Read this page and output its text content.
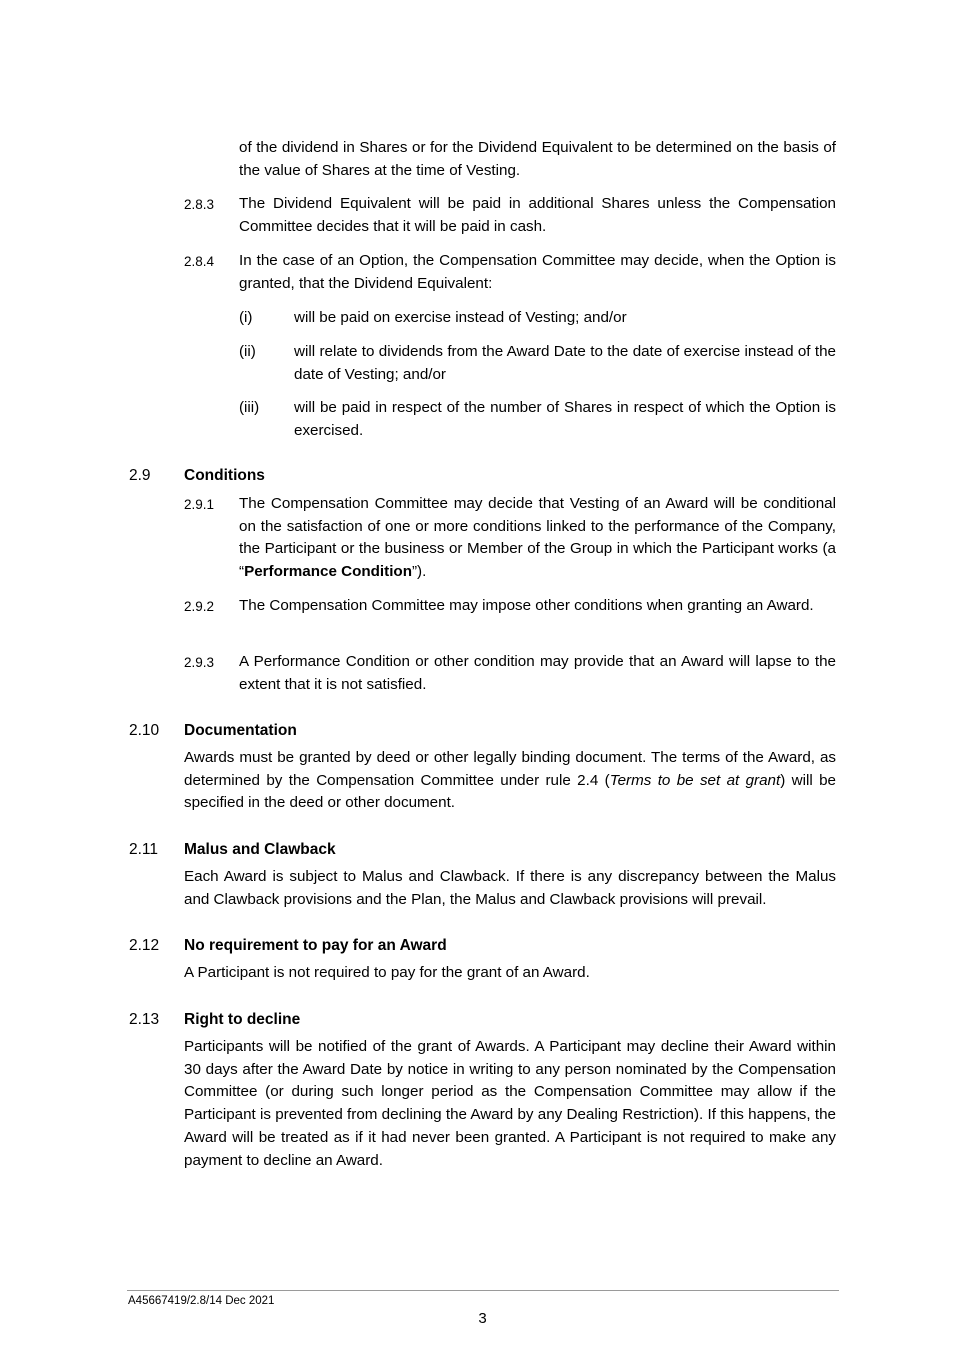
of the dividend in Shares or for the Dividend Equivalent to be determined on the basis of the value of Shares at the time of Vesting.

2.8.3 The Dividend Equivalent will be paid in additional Shares unless the Compensation Committee decides that it will be paid in cash.

2.8.4 In the case of an Option, the Compensation Committee may decide, when the Option is granted, that the Dividend Equivalent:

(i)	will be paid on exercise instead of Vesting; and/or

(ii)	will relate to dividends from the Award Date to the date of exercise instead of the date of Vesting; and/or

(iii) will be paid in respect of the number of Shares in respect of which the Option is exercised.

2.9 Conditions
2.9.1 The Compensation Committee may decide that Vesting of an Award will be conditional on the satisfaction of one or more conditions linked to the performance of the Company, the Participant or the business or Member of the Group in which the Participant works (a “Performance Condition”).

2.9.2 The Compensation Committee may impose other conditions when granting an Award.

2.9.3 A Performance Condition or other condition may provide that an Award will lapse to the extent that it is not satisfied.

2.10 Documentation

Awards must be granted by deed or other legally binding document. The terms of the Award, as determined by the Compensation Committee under rule 2.4 (Terms to be set at grant) will be specified in the deed or other document.

2.11 Malus and Clawback

Each Award is subject to Malus and Clawback. If there is any discrepancy between the Malus and Clawback provisions and the Plan, the Malus and Clawback provisions will prevail.

2.12 No requirement to pay for an Award

A Participant is not required to pay for the grant of an Award.

2.13 Right to decline

Participants will be notified of the grant of Awards. A Participant may decline their Award within 30 days after the Award Date by notice in writing to any person nominated by the Compensation Committee (or during such longer period as the Compensation Committee may allow if the Participant is prevented from declining the Award by any Dealing Restriction). If this happens, the Award will be treated as if it had never been granted. A Participant is not required to make any payment to decline an Award.

A45667419/2.8/14 Dec 2021
3
